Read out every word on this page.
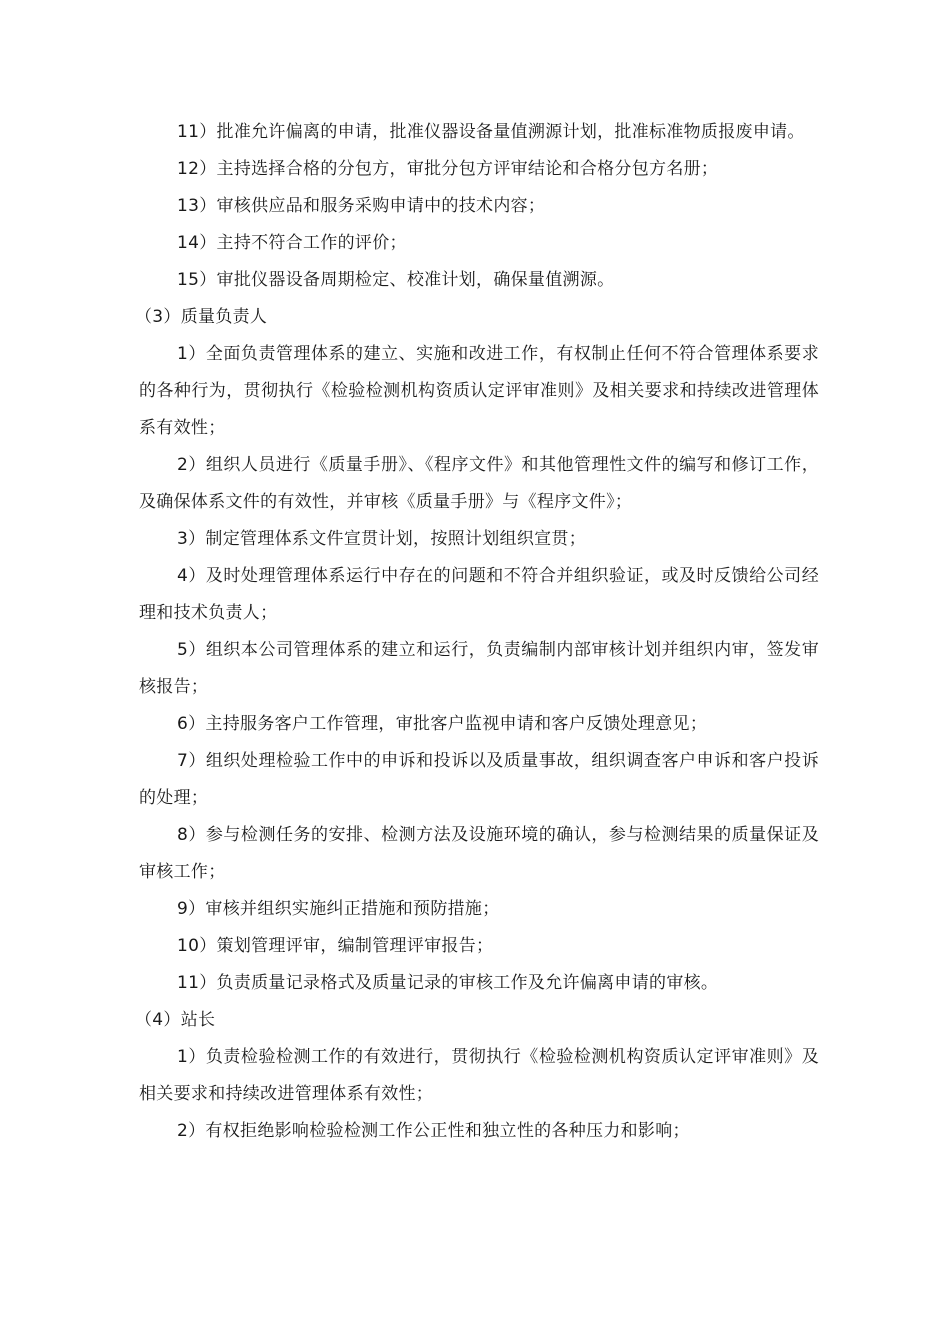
11）批准允许偏离的申请，批准仪器设备量值溯源计划，批准标准物质报废申请。

12）主持选择合格的分包方，审批分包方评审结论和合格分包方名册；

13）审核供应品和服务采购申请中的技术内容；

14）主持不符合工作的评价；

15）审批仪器设备周期检定、校准计划，确保量值溯源。

（3）质量负责人

1）全面负责管理体系的建立、实施和改进工作，有权制止任何不符合管理体系要求的各种行为，贯彻执行《检验检测机构资质认定评审准则》及相关要求和持续改进管理体系有效性；

2）组织人员进行《质量手册》、《程序文件》和其他管理性文件的编写和修订工作，及确保体系文件的有效性，并审核《质量手册》与《程序文件》；

3）制定管理体系文件宣贯计划，按照计划组织宣贯；

4）及时处理管理体系运行中存在的问题和不符合并组织验证，或及时反馈给公司经理和技术负责人；

5）组织本公司管理体系的建立和运行，负责编制内部审核计划并组织内审，签发审核报告；

6）主持服务客户工作管理，审批客户监视申请和客户反馈处理意见；

7）组织处理检验工作中的申诉和投诉以及质量事故，组织调查客户申诉和客户投诉的处理；

8）参与检测任务的安排、检测方法及设施环境的确认，参与检测结果的质量保证及审核工作；

9）审核并组织实施纠正措施和预防措施；

10）策划管理评审，编制管理评审报告；

11）负责质量记录格式及质量记录的审核工作及允许偏离申请的审核。

（4）站长

1）负责检验检测工作的有效进行，贯彻执行《检验检测机构资质认定评审准则》及相关要求和持续改进管理体系有效性；

2）有权拒绝影响检验检测工作公正性和独立性的各种压力和影响；
